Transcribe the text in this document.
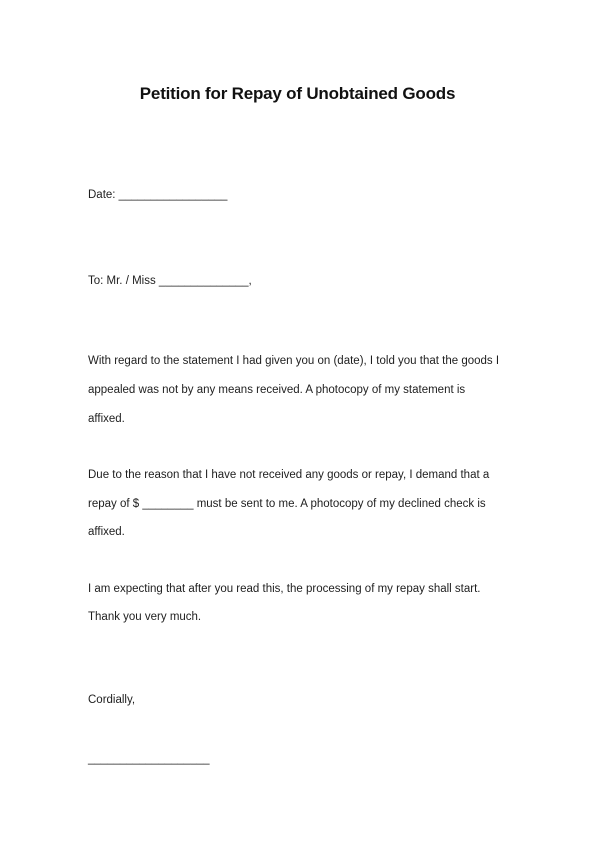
Petition for Repay of Unobtained Goods
Date: _________________
To: Mr. / Miss ______________,
With regard to the statement I had given you on (date), I told you that the goods I
appealed was not by any means received. A photocopy of my statement is
affixed.
Due to the reason that I have not received any goods or repay, I demand that a
repay of $ ________ must be sent to me. A photocopy of my declined check is
affixed.
I am expecting that after you read this, the processing of my repay shall start.
Thank you very much.
Cordially,
___________________
